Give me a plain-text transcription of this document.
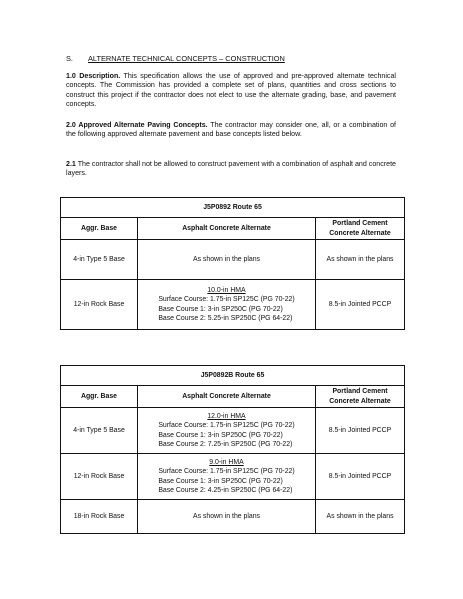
S. ALTERNATE TECHNICAL CONCEPTS – CONSTRUCTION
1.0 Description. This specification allows the use of approved and pre-approved alternate technical concepts. The Commission has provided a complete set of plans, quantities and cross sections to construct this project if the contractor does not elect to use the alternate grading, base, and pavement concepts.
2.0 Approved Alternate Paving Concepts. The contractor may consider one, all, or a combination of the following approved alternate pavement and base concepts listed below.
2.1 The contractor shall not be allowed to construct pavement with a combination of asphalt and concrete layers.
J5P0892 Route 65		
Aggr. Base	Asphalt Concrete Alternate	Portland Cement Concrete Alternate
4-in Type 5 Base	As shown in the plans	As shown in the plans
12-in Rock Base	10.0-in HMA
Surface Course: 1.75-in SP125C (PG 70-22)
Base Course 1: 3-in SP250C (PG 70-22)
Base Course 2: 5.25-in SP250C (PG 64-22)	8.5-in Jointed PCCP
J5P0892B Route 65		
Aggr. Base	Asphalt Concrete Alternate	Portland Cement Concrete Alternate
4-in Type 5 Base	12.0-in HMA
Surface Course: 1.75-in SP125C (PG 70-22)
Base Course 1: 3-in SP250C (PG 70-22)
Base Course 2: 7.25-in SP250C (PG 70-22)	8.5-in Jointed PCCP
12-in Rock Base	9.0-in HMA
Surface Course: 1.75-in SP125C (PG 70-22)
Base Course 1: 3-in SP250C (PG 70-22)
Base Course 2: 4.25-in SP250C (PG 64-22)	8.5-in Jointed PCCP
18-in Rock Base	As shown in the plans	As shown in the plans
